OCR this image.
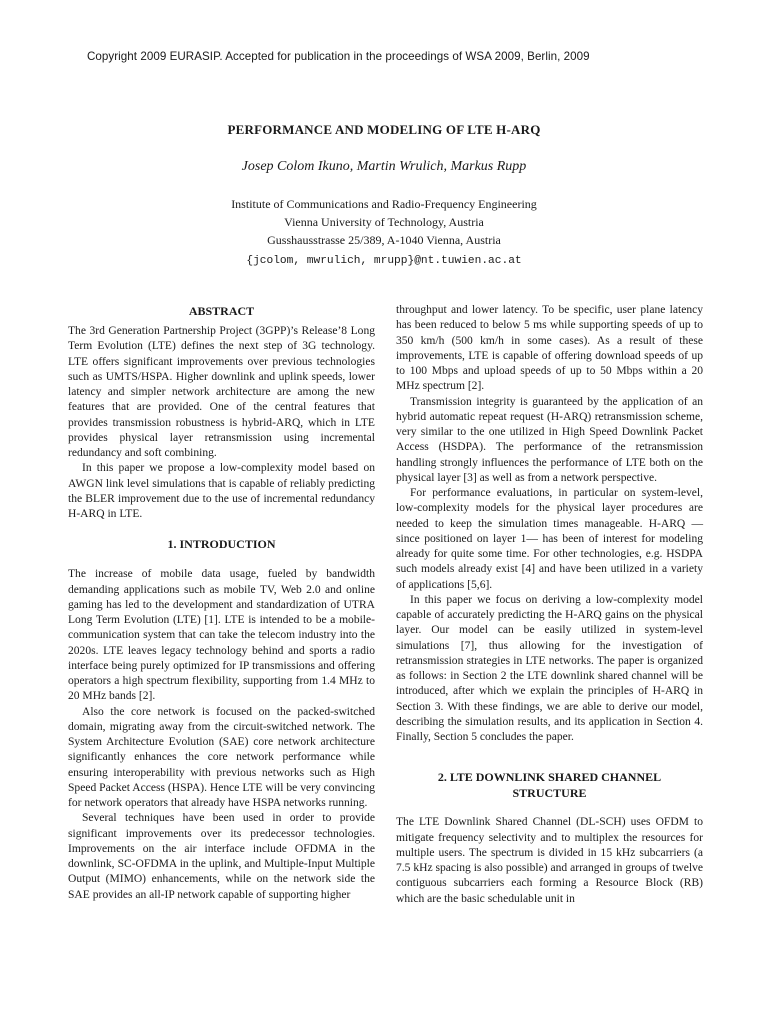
Copyright 2009 EURASIP. Accepted for publication in the proceedings of WSA 2009, Berlin, 2009
PERFORMANCE AND MODELING OF LTE H-ARQ
Josep Colom Ikuno, Martin Wrulich, Markus Rupp
Institute of Communications and Radio-Frequency Engineering
Vienna University of Technology, Austria
Gusshausstrasse 25/389, A-1040 Vienna, Austria
{jcolom, mwrulich, mrupp}@nt.tuwien.ac.at
ABSTRACT

The 3rd Generation Partnership Project (3GPP)’s Release’8 Long Term Evolution (LTE) defines the next step of 3G technology. LTE offers significant improvements over previous technologies such as UMTS/HSPA. Higher downlink and uplink speeds, lower latency and simpler network architecture are among the new features that are provided. One of the central features that provides transmission robustness is hybrid-ARQ, which in LTE provides physical layer retransmission using incremental redundancy and soft combining.

In this paper we propose a low-complexity model based on AWGN link level simulations that is capable of reliably predicting the BLER improvement due to the use of incremental redundancy H-ARQ in LTE.

1. INTRODUCTION

The increase of mobile data usage, fueled by bandwidth demanding applications such as mobile TV, Web 2.0 and online gaming has led to the development and standardization of UTRA Long Term Evolution (LTE) [1]. LTE is intended to be a mobile-communication system that can take the telecom industry into the 2020s. LTE leaves legacy technology behind and sports a radio interface being purely optimized for IP transmissions and offering operators a high spectrum flexibility, supporting from 1.4 MHz to 20 MHz bands [2].

Also the core network is focused on the packed-switched domain, migrating away from the circuit-switched network. The System Architecture Evolution (SAE) core network architecture significantly enhances the core network performance while ensuring interoperability with previous networks such as High Speed Packet Access (HSPA). Hence LTE will be very convincing for network operators that already have HSPA networks running.

Several techniques have been used in order to provide significant improvements over its predecessor technologies. Improvements on the air interface include OFDMA in the downlink, SC-OFDMA in the uplink, and Multiple-Input Multiple Output (MIMO) enhancements, while on the network side the SAE provides an all-IP network capable of supporting higher

throughput and lower latency. To be specific, user plane latency has been reduced to below 5 ms while supporting speeds of up to 350 km/h (500 km/h in some cases). As a result of these improvements, LTE is capable of offering download speeds of up to 100 Mbps and upload speeds of up to 50 Mbps within a 20 MHz spectrum [2].

Transmission integrity is guaranteed by the application of an hybrid automatic repeat request (H-ARQ) retransmission scheme, very similar to the one utilized in High Speed Downlink Packet Access (HSDPA). The performance of the retransmission handling strongly influences the performance of LTE both on the physical layer [3] as well as from a network perspective.

For performance evaluations, in particular on system-level, low-complexity models for the physical layer procedures are needed to keep the simulation times manageable. H-ARQ — since positioned on layer 1— has been of interest for modeling already for quite some time. For other technologies, e.g. HSDPA such models already exist [4] and have been utilized in a variety of applications [5,6].

In this paper we focus on deriving a low-complexity model capable of accurately predicting the H-ARQ gains on the physical layer. Our model can be easily utilized in system-level simulations [7], thus allowing for the investigation of retransmission strategies in LTE networks. The paper is organized as follows: in Section 2 the LTE downlink shared channel will be introduced, after which we explain the principles of H-ARQ in Section 3. With these findings, we are able to derive our model, describing the simulation results, and its application in Section 4. Finally, Section 5 concludes the paper.

2. LTE DOWNLINK SHARED CHANNEL
STRUCTURE

The LTE Downlink Shared Channel (DL-SCH) uses OFDM to mitigate frequency selectivity and to multiplex the resources for multiple users. The spectrum is divided in 15 kHz subcarriers (a 7.5 kHz spacing is also possible) and arranged in groups of twelve contiguous subcarriers each forming a Resource Block (RB) which are the basic schedulable unit in
